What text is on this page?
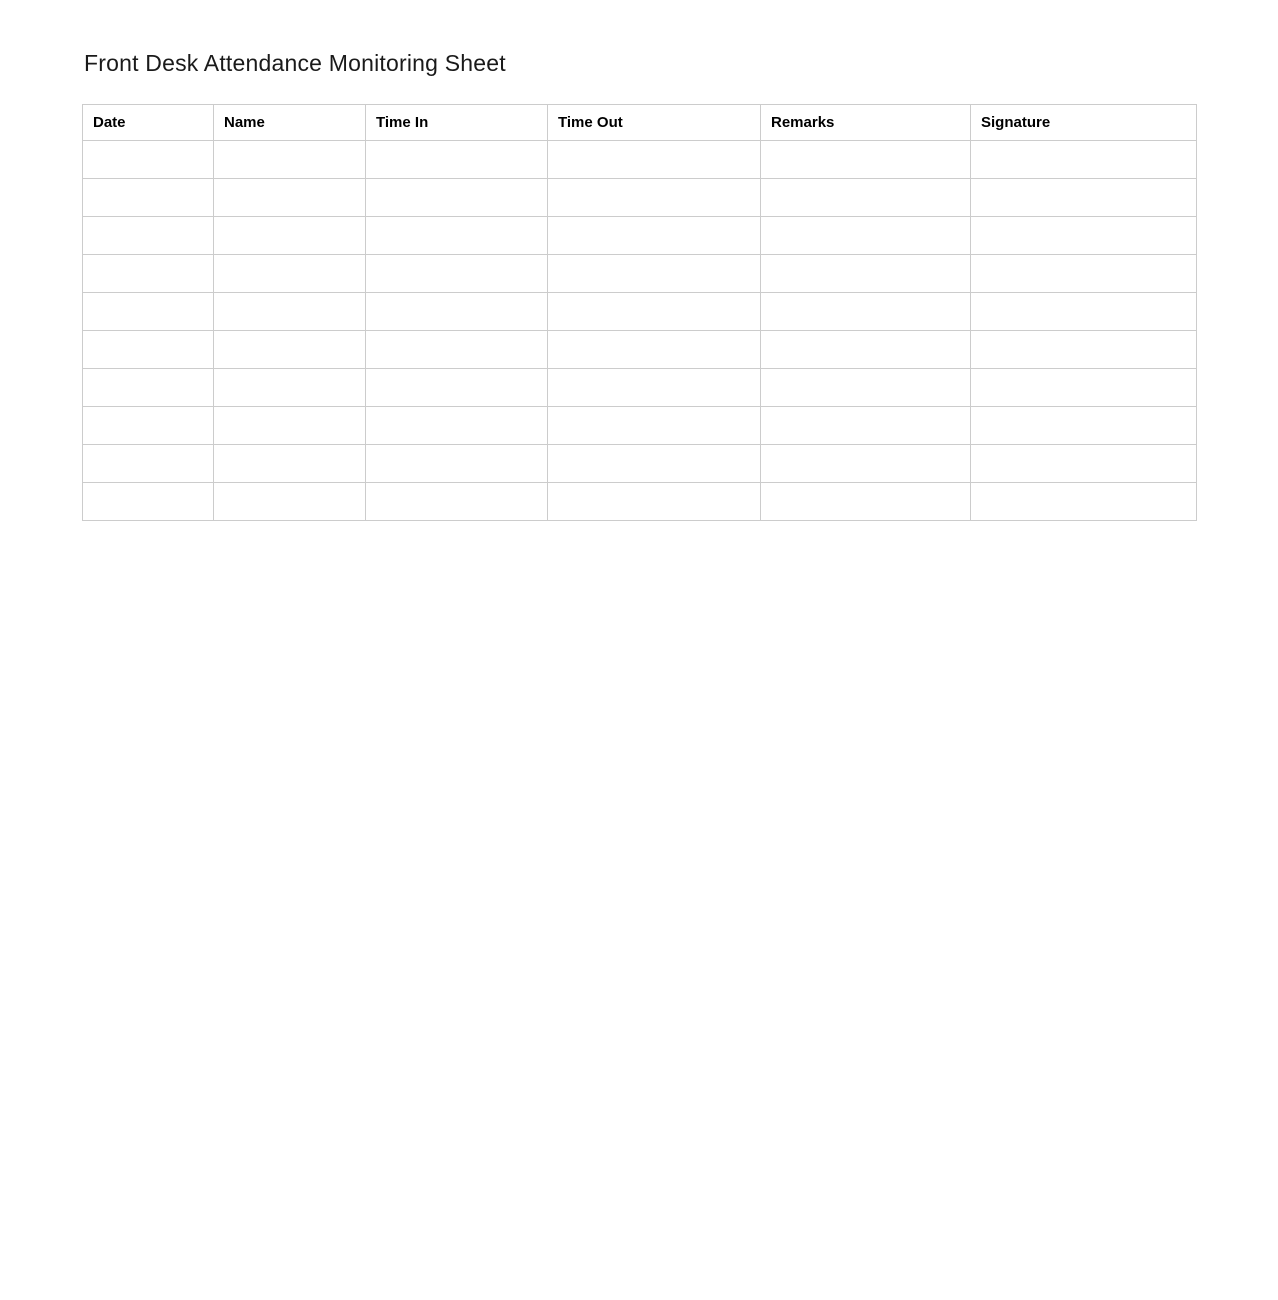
Front Desk Attendance Monitoring Sheet
Date	Name	Time In	Time Out	Remarks	Signature
